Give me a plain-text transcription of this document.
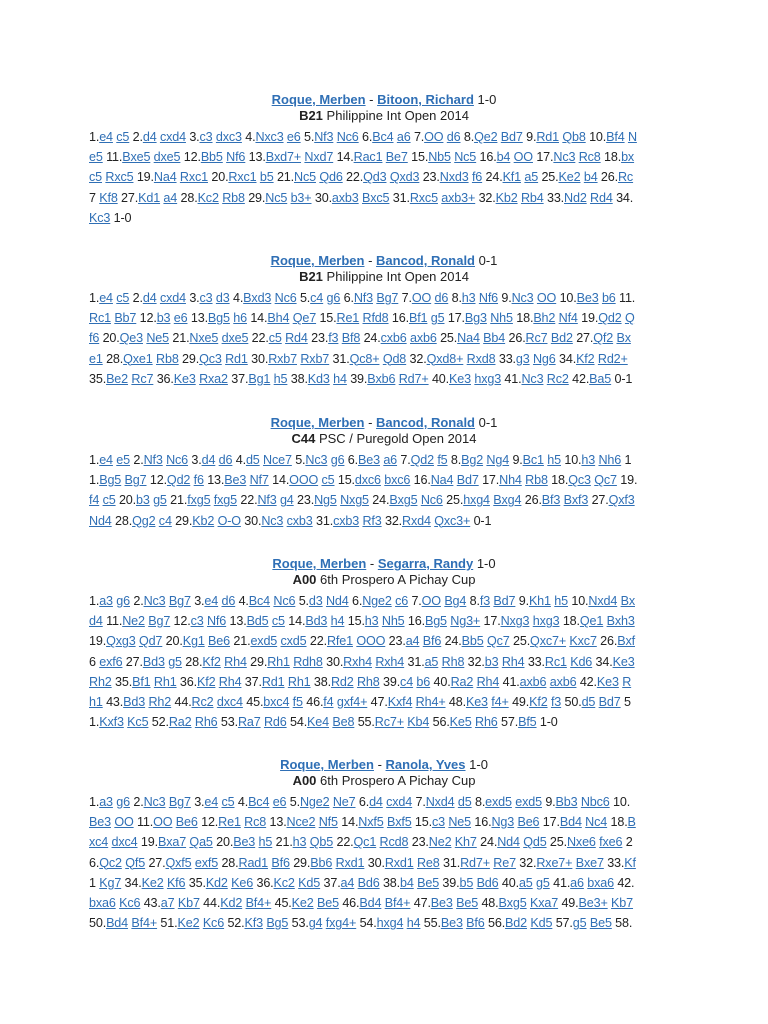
Roque, Merben - Bitoon, Richard 1-0
B21 Philippine Int Open 2014
1.e4 c5 2.d4 cxd4 3.c3 dxc3 4.Nxc3 e6 5.Nf3 Nc6 6.Bc4 a6 7.OO d6 8.Qe2 Bd7 9.Rd1 Qb8 10.Bf4 N
e5 11.Bxe5 dxe5 12.Bb5 Nf6 13.Bxd7+ Nxd7 14.Rac1 Be7 15.Nb5 Nc5 16.b4 OO 17.Nc3 Rc8 18.bx
c5 Rxc5 19.Na4 Rxc1 20.Rxc1 b5 21.Nc5 Qd6 22.Qd3 Qxd3 23.Nxd3 f6 24.Kf1 a5 25.Ke2 b4 26.Rc
7 Kf8 27.Kd1 a4 28.Kc2 Rb8 29.Nc5 b3+ 30.axb3 Bxc5 31.Rxc5 axb3+ 32.Kb2 Rb4 33.Nd2 Rd4 34.
Kc3 1-0
Roque, Merben - Bancod, Ronald 0-1
B21 Philippine Int Open 2014
1.e4 c5 2.d4 cxd4 3.c3 d3 4.Bxd3 Nc6 5.c4 g6 6.Nf3 Bg7 7.OO d6 8.h3 Nf6 9.Nc3 OO 10.Be3 b6 11.
Rc1 Bb7 12.b3 e6 13.Bg5 h6 14.Bh4 Qe7 15.Re1 Rfd8 16.Bf1 g5 17.Bg3 Nh5 18.Bh2 Nf4 19.Qd2 Q
f6 20.Qe3 Ne5 21.Nxe5 dxe5 22.c5 Rd4 23.f3 Bf8 24.cxb6 axb6 25.Na4 Bb4 26.Rc7 Bd2 27.Qf2 Bx
e1 28.Qxe1 Rb8 29.Qc3 Rd1 30.Rxb7 Rxb7 31.Qc8+ Qd8 32.Qxd8+ Rxd8 33.g3 Ng6 34.Kf2 Rd2+
35.Be2 Rc7 36.Ke3 Rxa2 37.Bg1 h5 38.Kd3 h4 39.Bxb6 Rd7+ 40.Ke3 hxg3 41.Nc3 Rc2 42.Ba5 0-1
Roque, Merben - Bancod, Ronald 0-1
C44 PSC / Puregold Open 2014
1.e4 e5 2.Nf3 Nc6 3.d4 d6 4.d5 Nce7 5.Nc3 g6 6.Be3 a6 7.Qd2 f5 8.Bg2 Ng4 9.Bc1 h5 10.h3 Nh6 1
1.Bg5 Bg7 12.Qd2 f6 13.Be3 Nf7 14.OOO c5 15.dxc6 bxc6 16.Na4 Bd7 17.Nh4 Rb8 18.Qc3 Qc7 19.
f4 c5 20.b3 g5 21.fxg5 fxg5 22.Nf3 g4 23.Ng5 Nxg5 24.Bxg5 Nc6 25.hxg4 Bxg4 26.Bf3 Bxf3 27.Qxf3
Nd4 28.Qg2 c4 29.Kb2 O-O 30.Nc3 cxb3 31.cxb3 Rf3 32.Rxd4 Qxc3+ 0-1
Roque, Merben - Segarra, Randy 1-0
A00 6th Prospero A Pichay Cup
1.a3 g6 2.Nc3 Bg7 3.e4 d6 4.Bc4 Nc6 5.d3 Nd4 6.Nge2 c6 7.OO Bg4 8.f3 Bd7 9.Kh1 h5 10.Nxd4 Bx
d4 11.Ne2 Bg7 12.c3 Nf6 13.Bd5 c5 14.Bd3 h4 15.h3 Nh5 16.Bg5 Ng3+ 17.Nxg3 hxg3 18.Qe1 Bxh3
19.Qxg3 Qd7 20.Kg1 Be6 21.exd5 cxd5 22.Rfe1 OOO 23.a4 Bf6 24.Bb5 Qc7 25.Qxc7+ Kxc7 26.Bxf
6 exf6 27.Bd3 g5 28.Kf2 Rh4 29.Rh1 Rdh8 30.Rxh4 Rxh4 31.a5 Rh8 32.b3 Rh4 33.Rc1 Kd6 34.Ke3
Rh2 35.Bf1 Rh1 36.Kf2 Rh4 37.Rd1 Rh1 38.Rd2 Rh8 39.c4 b6 40.Ra2 Rh4 41.axb6 axb6 42.Ke3 R
h1 43.Bd3 Rh2 44.Rc2 dxc4 45.bxc4 f5 46.f4 gxf4+ 47.Kxf4 Rh4+ 48.Ke3 f4+ 49.Kf2 f3 50.d5 Bd7 5
1.Kxf3 Kc5 52.Ra2 Rh6 53.Ra7 Rd6 54.Ke4 Be8 55.Rc7+ Kb4 56.Ke5 Rh6 57.Bf5 1-0
Roque, Merben - Ranola, Yves 1-0
A00 6th Prospero A Pichay Cup
1.a3 g6 2.Nc3 Bg7 3.e4 c5 4.Bc4 e6 5.Nge2 Ne7 6.d4 cxd4 7.Nxd4 d5 8.exd5 exd5 9.Bb3 Nbc6 10.
Be3 OO 11.OO Be6 12.Re1 Rc8 13.Nce2 Nf5 14.Nxf5 Bxf5 15.c3 Ne5 16.Ng3 Be6 17.Bd4 Nc4 18.B
xc4 dxc4 19.Bxa7 Qa5 20.Be3 h5 21.h3 Qb5 22.Qc1 Rcd8 23.Ne2 Kh7 24.Nd4 Qd5 25.Nxe6 fxe6 2
6.Qc2 Qf5 27.Qxf5 exf5 28.Rad1 Bf6 29.Bb6 Rxd1 30.Rxd1 Re8 31.Rd7+ Re7 32.Rxe7+ Bxe7 33.Kf
1 Kg7 34.Ke2 Kf6 35.Kd2 Ke6 36.Kc2 Kd5 37.a4 Bd6 38.b4 Be5 39.b5 Bd6 40.a5 g5 41.a6 bxa6 42.
bxa6 Kc6 43.a7 Kb7 44.Kd2 Bf4+ 45.Ke2 Be5 46.Bd4 Bf4+ 47.Be3 Be5 48.Bxg5 Kxa7 49.Be3+ Kb7
50.Bd4 Bf4+ 51.Ke2 Kc6 52.Kf3 Bg5 53.g4 fxg4+ 54.hxg4 h4 55.Be3 Bf6 56.Bd2 Kd5 57.g5 Be5 58.
